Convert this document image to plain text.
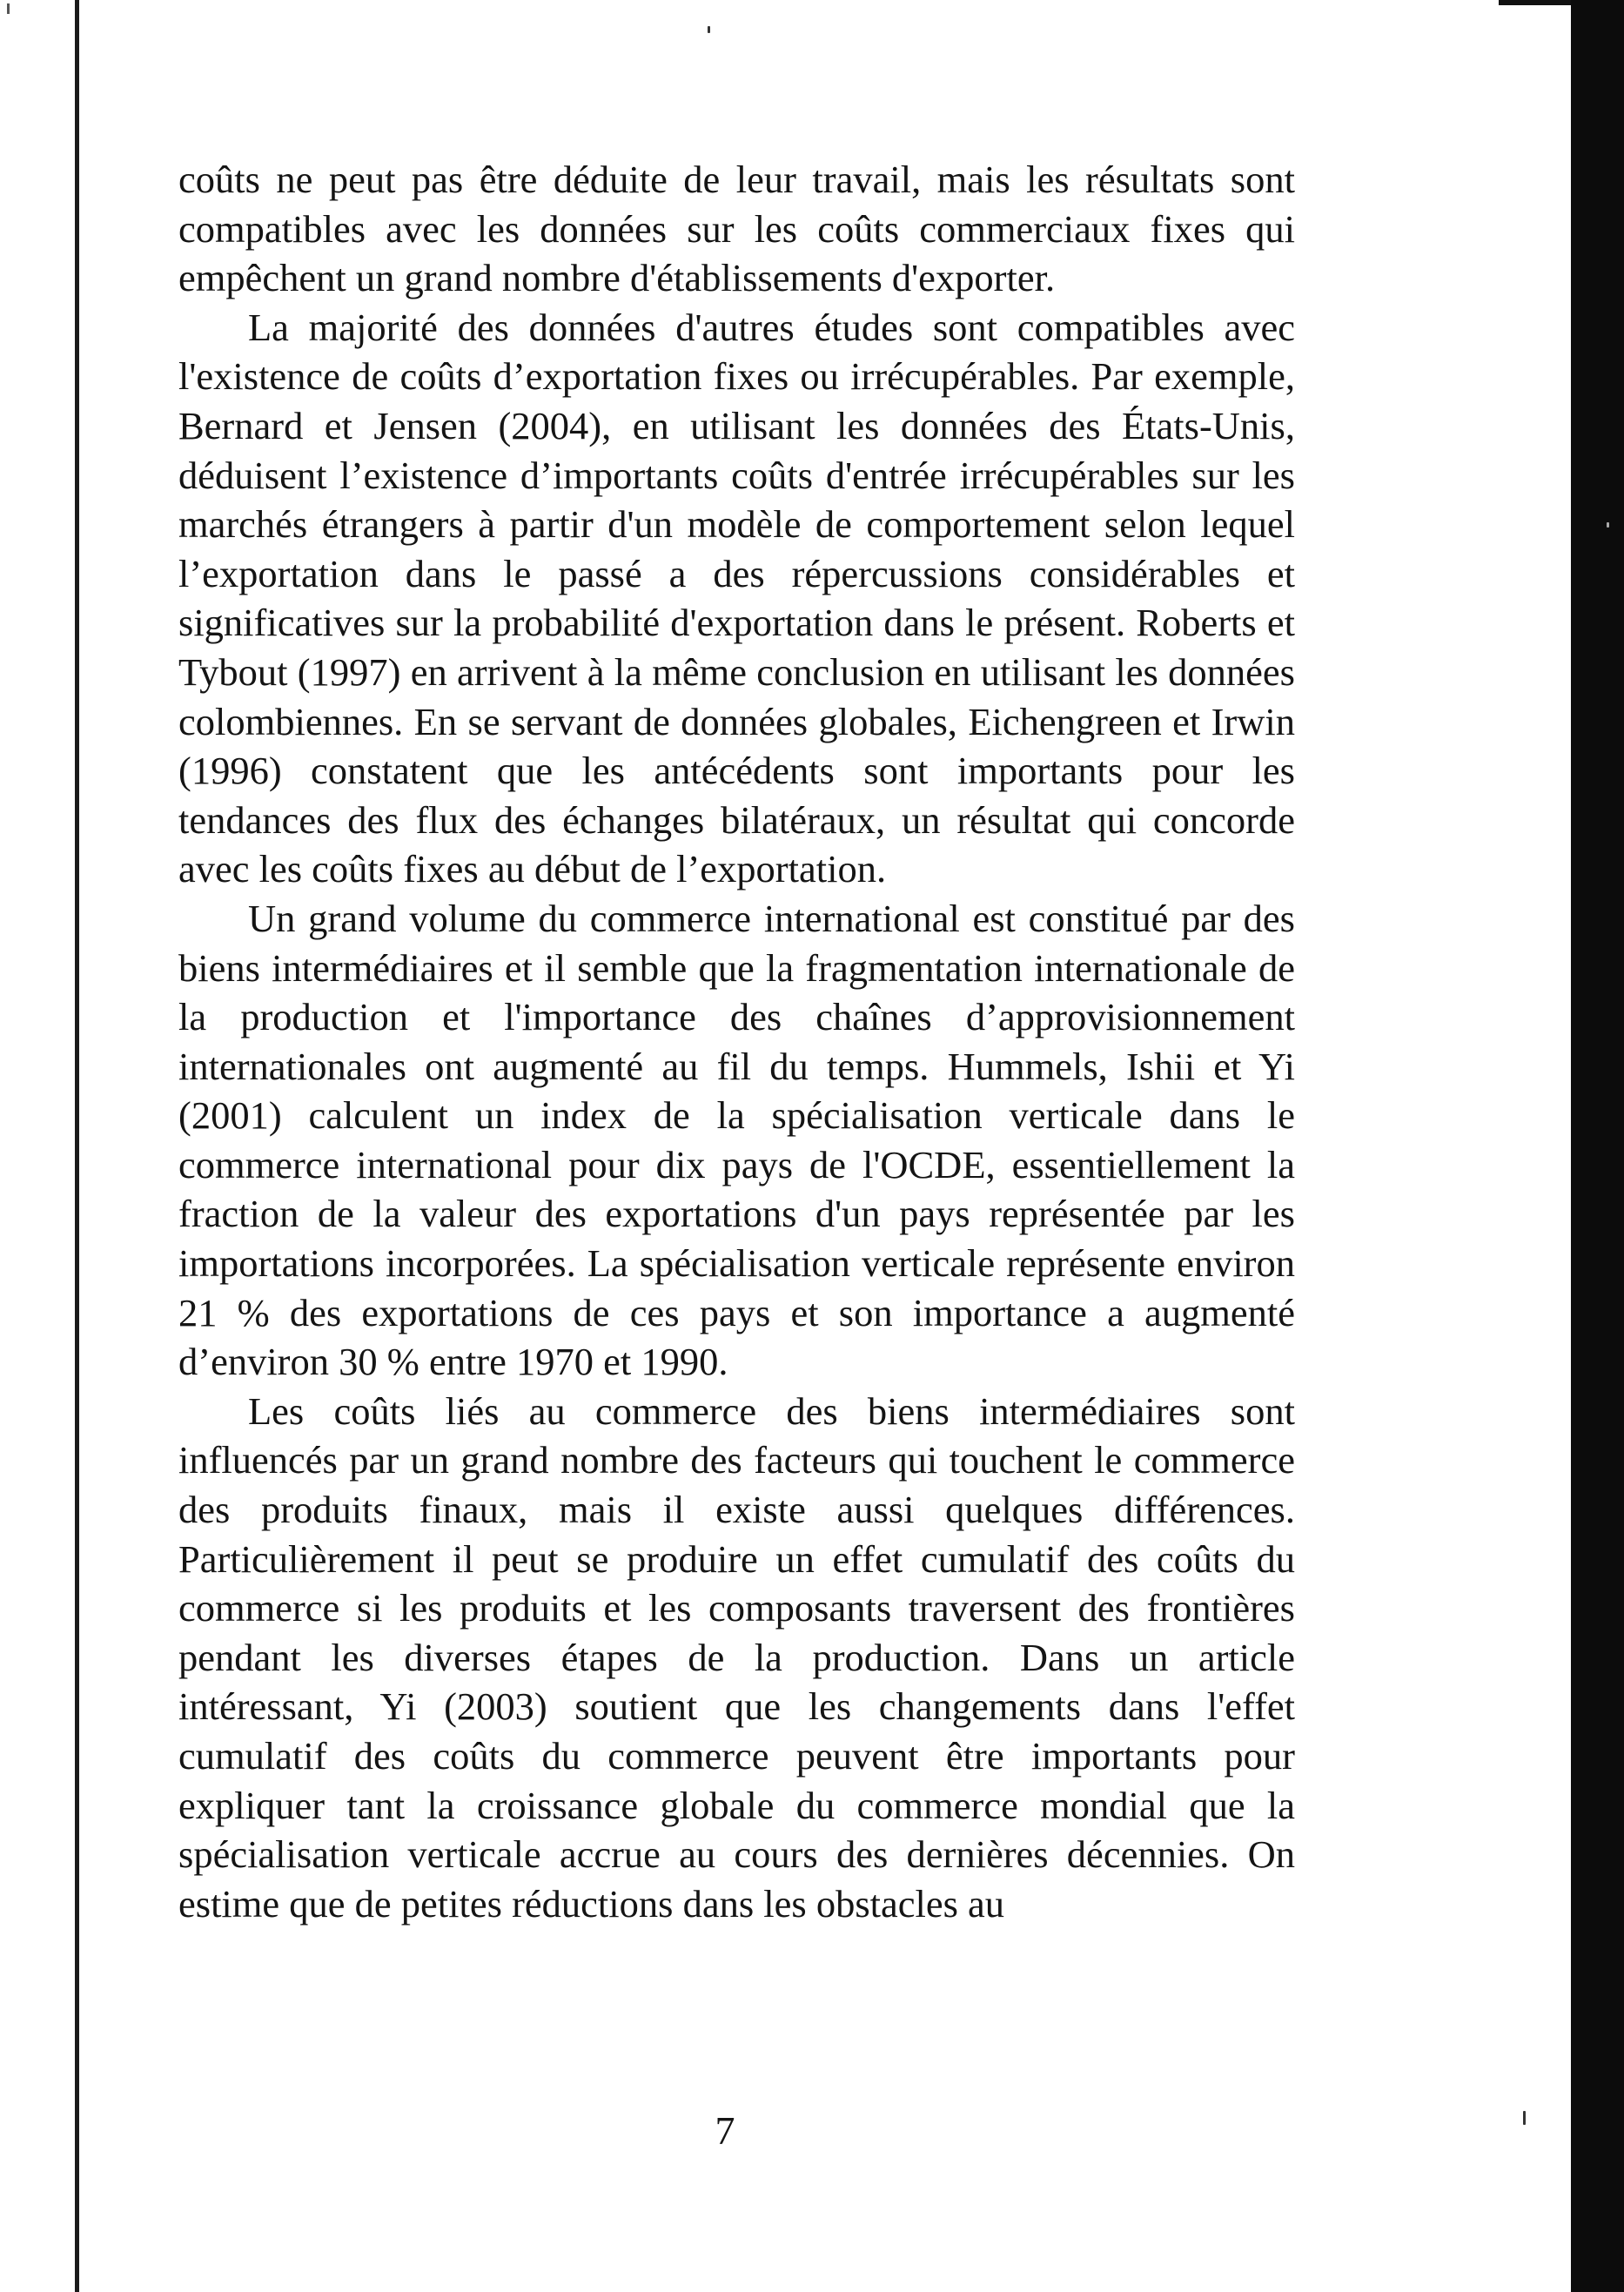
coûts ne peut pas être déduite de leur travail, mais les résultats sont compatibles avec les données sur les coûts commerciaux fixes qui empêchent un grand nombre d'établissements d'exporter.

La majorité des données d'autres études sont compatibles avec l'existence de coûts d’exportation fixes ou irrécupérables. Par exemple, Bernard et Jensen (2004), en utilisant les données des États-Unis, déduisent l’existence d’importants coûts d'entrée irrécupérables sur les marchés étrangers à partir d'un modèle de comportement selon lequel l’exportation dans le passé a des répercussions considérables et significatives sur la probabilité d'exportation dans le présent. Roberts et Tybout (1997) en arrivent à la même conclusion en utilisant les données colombiennes. En se servant de données globales, Eichengreen et Irwin (1996) constatent que les antécédents sont importants pour les tendances des flux des échanges bilatéraux, un résultat qui concorde avec les coûts fixes au début de l’exportation.

Un grand volume du commerce international est constitué par des biens intermédiaires et il semble que la fragmentation internationale de la production et l'importance des chaînes d’approvisionnement internationales ont augmenté au fil du temps. Hummels, Ishii et Yi (2001) calculent un index de la spécialisation verticale dans le commerce international pour dix pays de l'OCDE, essentiellement la fraction de la valeur des exportations d'un pays représentée par les importations incorporées. La spécialisation verticale représente environ 21 % des exportations de ces pays et son importance a augmenté d’environ 30 % entre 1970 et 1990.

Les coûts liés au commerce des biens intermédiaires sont influencés par un grand nombre des facteurs qui touchent le commerce des produits finaux, mais il existe aussi quelques différences. Particulièrement il peut se produire un effet cumulatif des coûts du commerce si les produits et les composants traversent des frontières pendant les diverses étapes de la production. Dans un article intéressant, Yi (2003) soutient que les changements dans l'effet cumulatif des coûts du commerce peuvent être importants pour expliquer tant la croissance globale du commerce mondial que la spécialisation verticale accrue au cours des dernières décennies. On estime que de petites réductions dans les obstacles au

7
